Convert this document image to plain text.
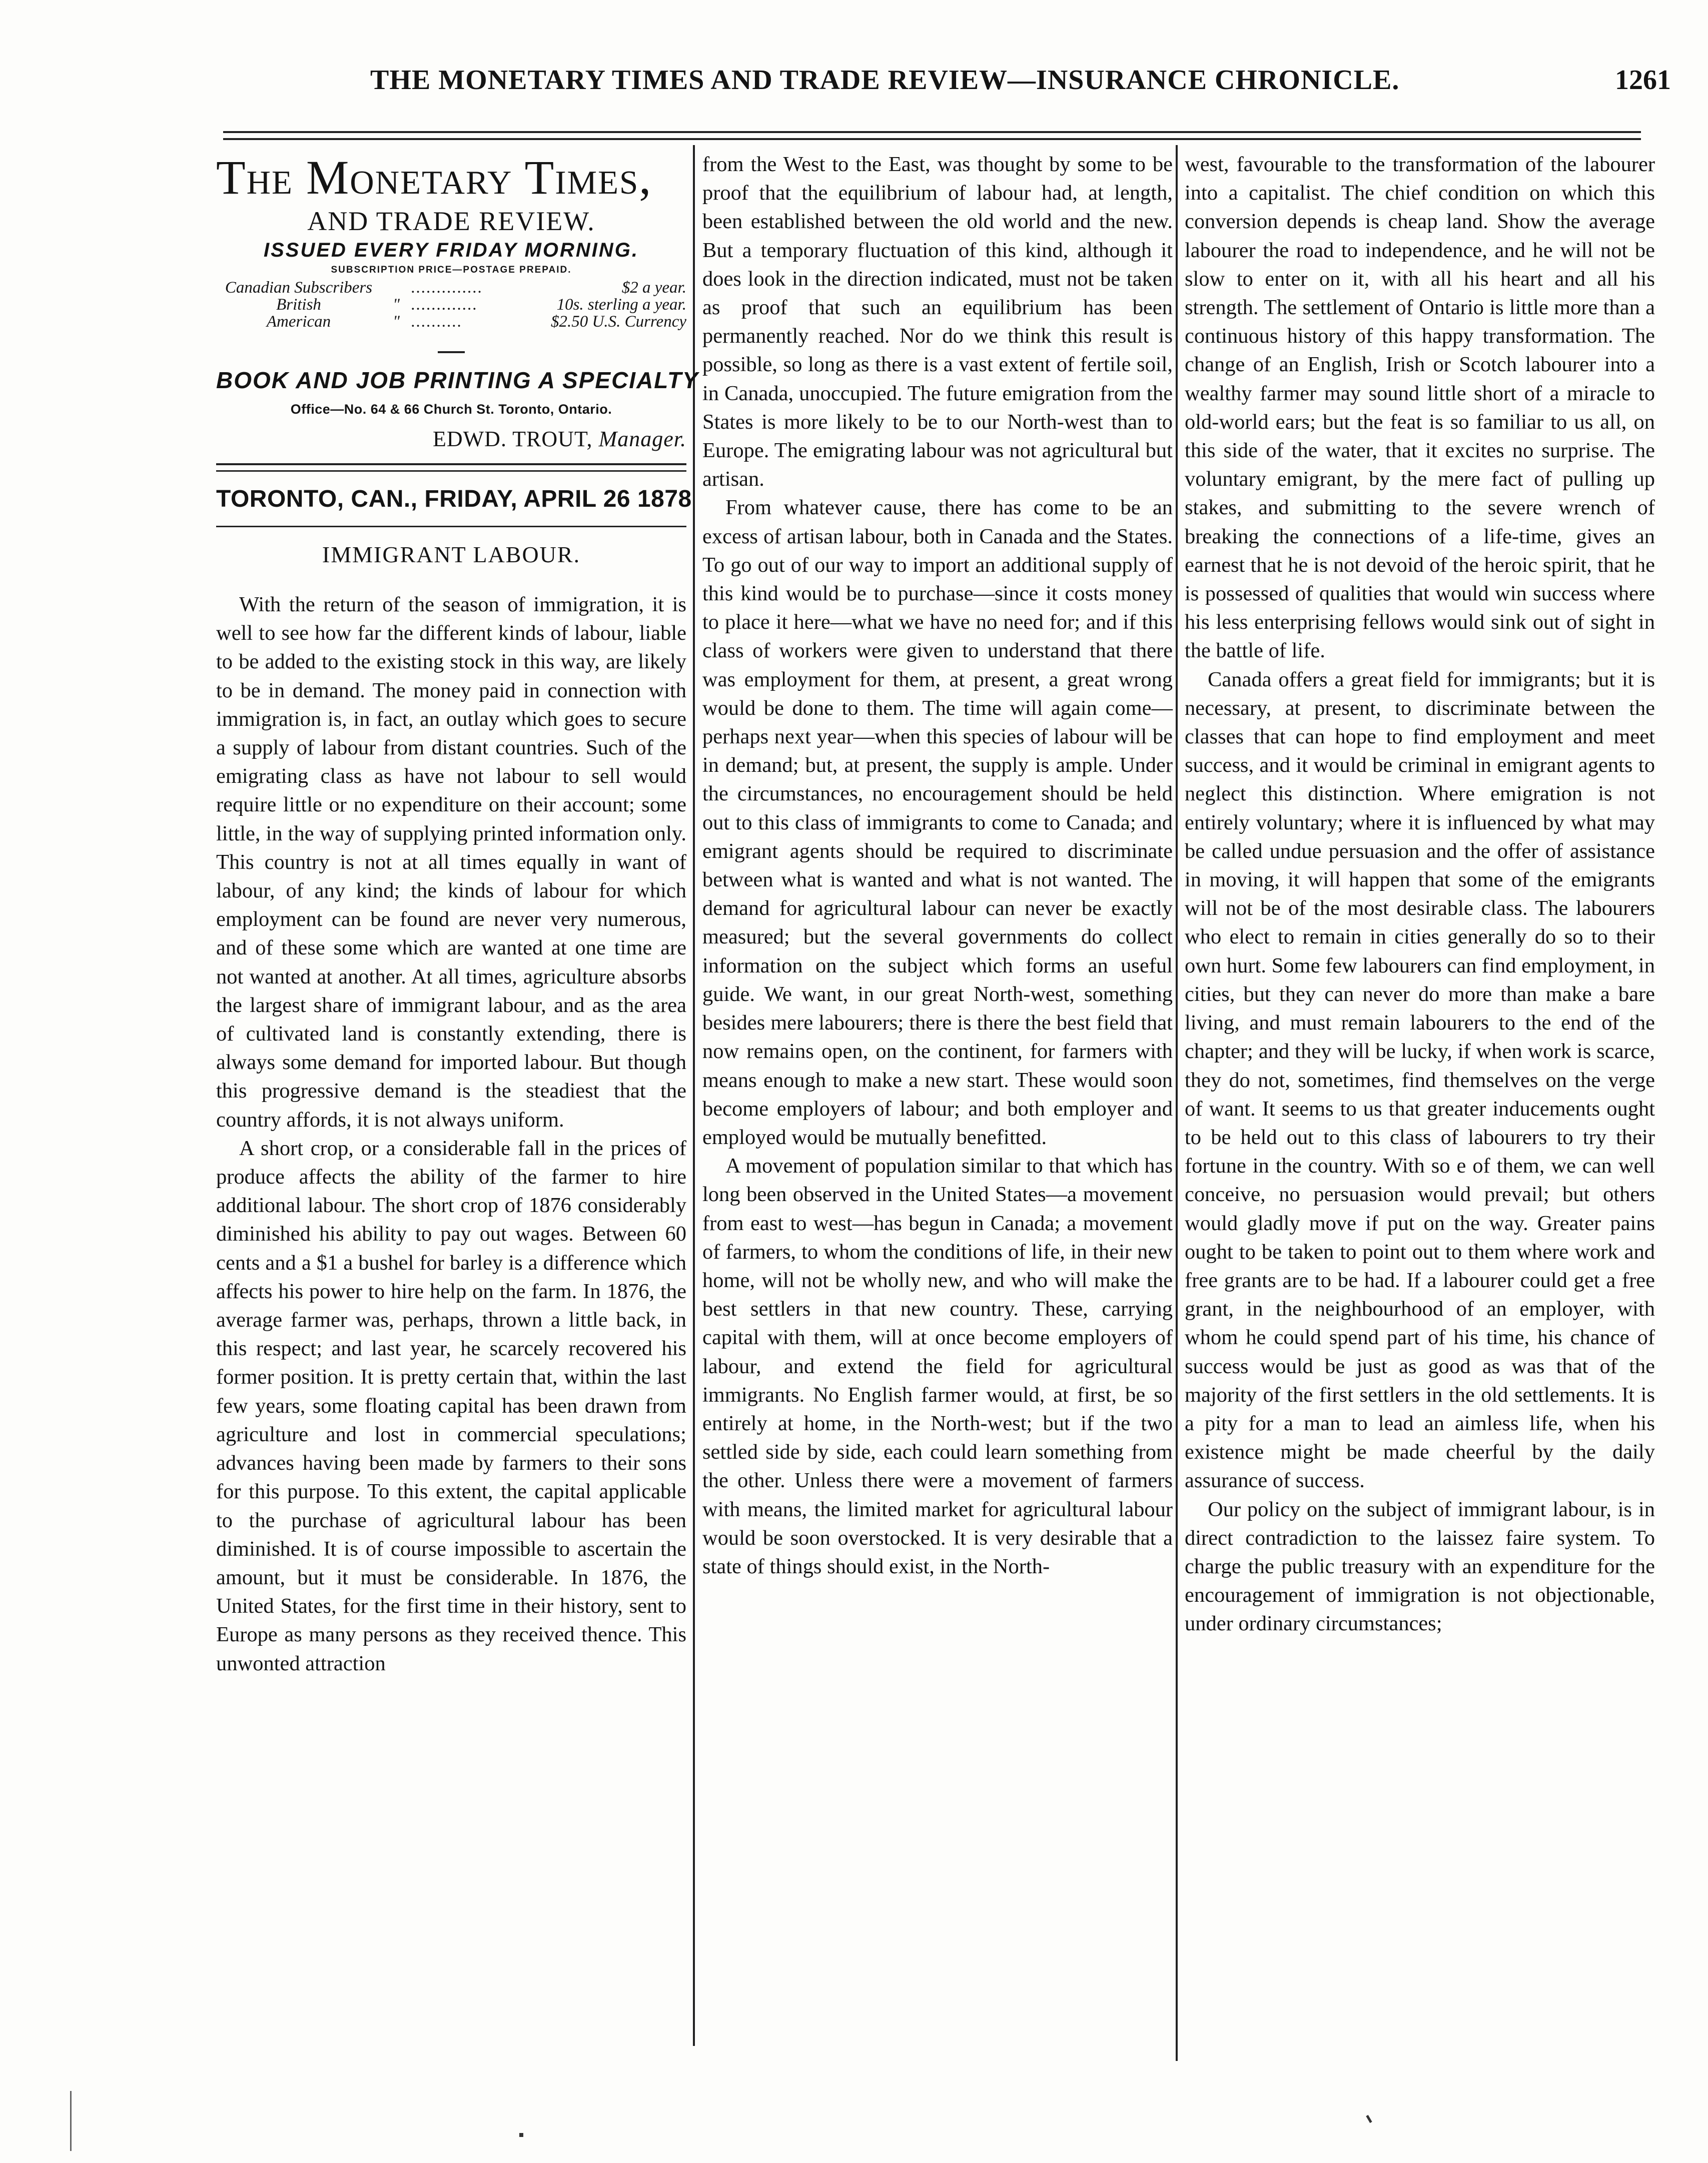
THE MONETARY TIMES AND TRADE REVIEW—INSURANCE CHRONICLE.	1261
The Monetary Times,
AND TRADE REVIEW.
ISSUED EVERY FRIDAY MORNING.
SUBSCRIPTION PRICE—POSTAGE PREPAID.
Canadian Subscribers		..............	$2 a year.
British	"	.............	10s. sterling a year.
American	"	..........	$2.50 U.S. Currency
BOOK AND JOB PRINTING A SPECIALTY
Office—No. 64 & 66 Church St. Toronto, Ontario.
EDWD. TROUT, Manager.
TORONTO, CAN., FRIDAY, APRIL 26 1878
IMMIGRANT LABOUR.

With the return of the season of immigration, it is well to see how far the different kinds of labour, liable to be added to the existing stock in this way, are likely to be in demand. The money paid in connection with immigration is, in fact, an outlay which goes to secure a supply of labour from distant countries. Such of the emigrating class as have not labour to sell would require little or no expenditure on their account; some little, in the way of supplying printed information only. This country is not at all times equally in want of labour, of any kind; the kinds of labour for which employment can be found are never very numerous, and of these some which are wanted at one time are not wanted at another. At all times, agriculture absorbs the largest share of immigrant labour, and as the area of cultivated land is constantly extending, there is always some demand for imported labour. But though this progressive demand is the steadiest that the country affords, it is not always uniform.

A short crop, or a considerable fall in the prices of produce affects the ability of the farmer to hire additional labour. The short crop of 1876 considerably diminished his ability to pay out wages. Between 60 cents and a $1 a bushel for barley is a difference which affects his power to hire help on the farm. In 1876, the average farmer was, perhaps, thrown a little back, in this respect; and last year, he scarcely recovered his former position. It is pretty certain that, within the last few years, some floating capital has been drawn from agriculture and lost in commercial speculations; advances having been made by farmers to their sons for this purpose. To this extent, the capital applicable to the purchase of agricultural labour has been diminished. It is of course impossible to ascertain the amount, but it must be considerable. In 1876, the United States, for the first time in their history, sent to Europe as many persons as they received thence. This unwonted attraction

from the West to the East, was thought by some to be proof that the equilibrium of labour had, at length, been established between the old world and the new. But a temporary fluctuation of this kind, although it does look in the direction indicated, must not be taken as proof that such an equilibrium has been permanently reached. Nor do we think this result is possible, so long as there is a vast extent of fertile soil, in Canada, unoccupied. The future emigration from the States is more likely to be to our North-west than to Europe. The emigrating labour was not agricultural but artisan.

From whatever cause, there has come to be an excess of artisan labour, both in Canada and the States. To go out of our way to import an additional supply of this kind would be to purchase—since it costs money to place it here—what we have no need for; and if this class of workers were given to understand that there was employment for them, at present, a great wrong would be done to them. The time will again come—perhaps next year—when this species of labour will be in demand; but, at present, the supply is ample. Under the circumstances, no encouragement should be held out to this class of immigrants to come to Canada; and emigrant agents should be required to discriminate between what is wanted and what is not wanted. The demand for agricultural labour can never be exactly measured; but the several governments do collect information on the subject which forms an useful guide. We want, in our great North-west, something besides mere labourers; there is there the best field that now remains open, on the continent, for farmers with means enough to make a new start. These would soon become employers of labour; and both employer and employed would be mutually benefitted.

A movement of population similar to that which has long been observed in the United States—a movement from east to west—has begun in Canada; a movement of farmers, to whom the conditions of life, in their new home, will not be wholly new, and who will make the best settlers in that new country. These, carrying capital with them, will at once become employers of labour, and extend the field for agricultural immigrants. No English farmer would, at first, be so entirely at home, in the North-west; but if the two settled side by side, each could learn something from the other. Unless there were a movement of farmers with means, the limited market for agricultural labour would be soon overstocked. It is very desirable that a state of things should exist, in the North-

west, favourable to the transformation of the labourer into a capitalist. The chief condition on which this conversion depends is cheap land. Show the average labourer the road to independence, and he will not be slow to enter on it, with all his heart and all his strength. The settlement of Ontario is little more than a continuous history of this happy transformation. The change of an English, Irish or Scotch labourer into a wealthy farmer may sound little short of a miracle to old-world ears; but the feat is so familiar to us all, on this side of the water, that it excites no surprise. The voluntary emigrant, by the mere fact of pulling up stakes, and submitting to the severe wrench of breaking the connections of a life-time, gives an earnest that he is not devoid of the heroic spirit, that he is possessed of qualities that would win success where his less enterprising fellows would sink out of sight in the battle of life.

Canada offers a great field for immigrants; but it is necessary, at present, to discriminate between the classes that can hope to find employment and meet success, and it would be criminal in emigrant agents to neglect this distinction. Where emigration is not entirely voluntary; where it is influenced by what may be called undue persuasion and the offer of assistance in moving, it will happen that some of the emigrants will not be of the most desirable class. The labourers who elect to remain in cities generally do so to their own hurt. Some few labourers can find employment, in cities, but they can never do more than make a bare living, and must remain labourers to the end of the chapter; and they will be lucky, if when work is scarce, they do not, sometimes, find themselves on the verge of want. It seems to us that greater inducements ought to be held out to this class of labourers to try their fortune in the country. With so e of them, we can well conceive, no persuasion would prevail; but others would gladly move if put on the way. Greater pains ought to be taken to point out to them where work and free grants are to be had. If a labourer could get a free grant, in the neighbourhood of an employer, with whom he could spend part of his time, his chance of success would be just as good as was that of the majority of the first settlers in the old settlements. It is a pity for a man to lead an aimless life, when his existence might be made cheerful by the daily assurance of success.

Our policy on the subject of immigrant labour, is in direct contradiction to the laissez faire system. To charge the public treasury with an expenditure for the encouragement of immigration is not objectionable, under ordinary circumstances;
